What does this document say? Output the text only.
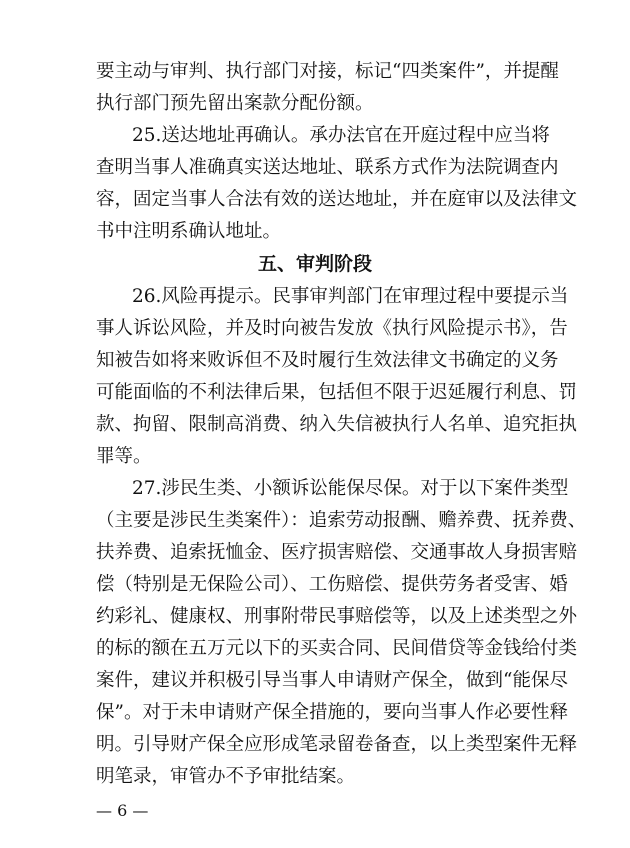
要主动与审判、执行部门对接，标记“四类案件”，并提醒
执行部门预先留出案款分配份额。
25.送达地址再确认。承办法官在开庭过程中应当将
查明当事人准确真实送达地址、联系方式作为法院调查内
容，固定当事人合法有效的送达地址，并在庭审以及法律文
书中注明系确认地址。
五、审判阶段
26.风险再提示。民事审判部门在审理过程中要提示当
事人诉讼风险，并及时向被告发放《执行风险提示书》，告
知被告如将来败诉但不及时履行生效法律文书确定的义务
可能面临的不利法律后果，包括但不限于迟延履行利息、罚
款、拘留、限制高消费、纳入失信被执行人名单、追究拒执
罪等。
27.涉民生类、小额诉讼能保尽保。对于以下案件类型
（主要是涉民生类案件）：追索劳动报酬、赡养费、抚养费、
扶养费、追索抚恤金、医疗损害赔偿、交通事故人身损害赔
偿（特别是无保险公司）、工伤赔偿、提供劳务者受害、婚
约彩礼、健康权、刑事附带民事赔偿等，以及上述类型之外
的标的额在五万元以下的买卖合同、民间借贷等金钱给付类
案件，建议并积极引导当事人申请财产保全，做到“能保尽
保”。对于未申请财产保全措施的，要向当事人作必要性释
明。引导财产保全应形成笔录留卷备查，以上类型案件无释
明笔录，审管办不予审批结案。
— 6 —
